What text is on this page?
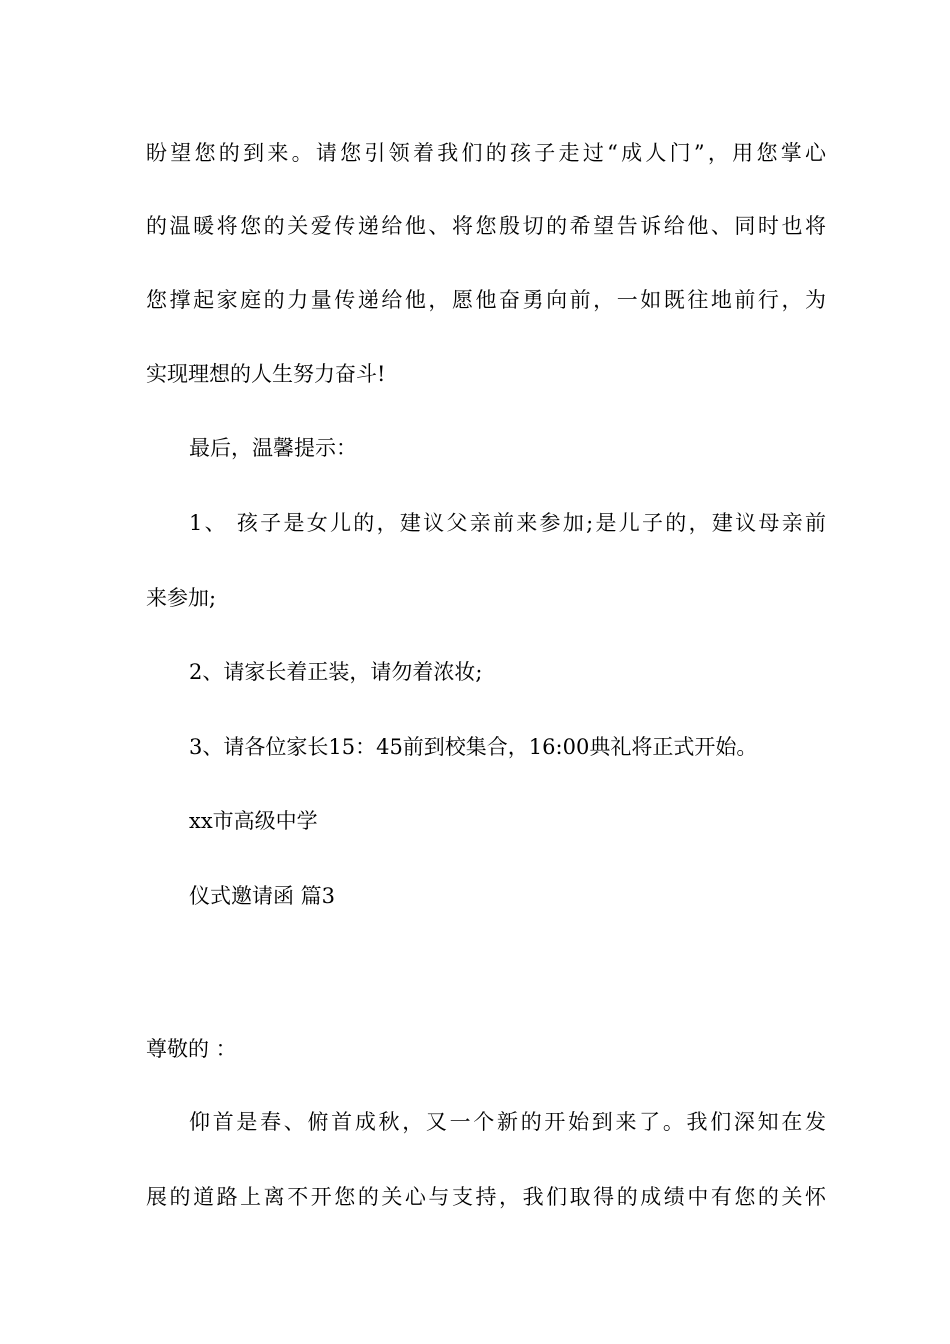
盼望您的到来。请您引领着我们的孩子走过“成人门”，用您掌心
的温暖将您的关爱传递给他、将您殷切的希望告诉给他、同时也将
您撑起家庭的力量传递给他，愿他奋勇向前，一如既往地前行，为
实现理想的人生努力奋斗!
最后，温馨提示：
1、 孩子是女儿的，建议父亲前来参加;是儿子的，建议母亲前
来参加;
2、请家长着正装，请勿着浓妆;
3、请各位家长15：45前到校集合，16:00典礼将正式开始。
xx市高级中学
仪式邀请函 篇3
尊敬的 ：
仰首是春、俯首成秋，又一个新的开始到来了。我们深知在发
展的道路上离不开您的关心与支持，我们取得的成绩中有您的关怀
